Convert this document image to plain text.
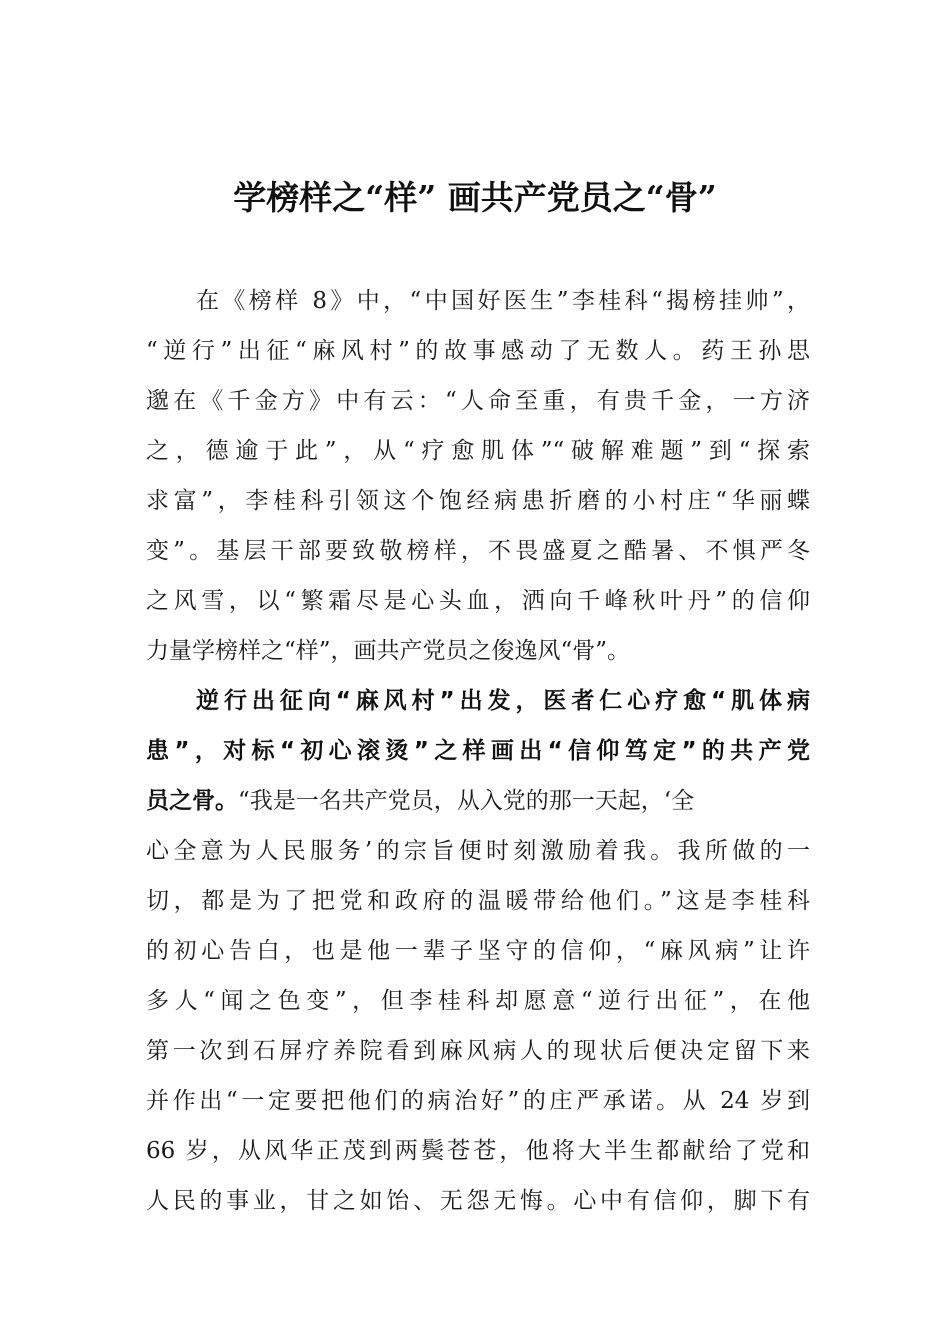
学榜样之“样” 画共产党员之“骨”
在《榜样 8》中，“中国好医生”李桂科“揭榜挂帅”，
“逆行”出征“麻风村”的故事感动了无数人。药王孙思
邈在《千金方》中有云：“人命至重，有贵千金，一方济
之，德逾于此”，从“疗愈肌体”“破解难题”到“探索
求富”，李桂科引领这个饱经病患折磨的小村庄“华丽蝶
变”。基层干部要致敬榜样，不畏盛夏之酷暑、不惧严冬
之风雪，以“繁霜尽是心头血，洒向千峰秋叶丹”的信仰
力量学榜样之“样”，画共产党员之俊逸风“骨”。
逆行出征向“麻风村”出发，医者仁心疗愈“肌体病
患”，对标“初心滚烫”之样画出“信仰笃定”的共产党
员之骨。“我是一名共产党员，从入党的那一天起，‘全
心全意为人民服务’的宗旨便时刻激励着我。我所做的一
切，都是为了把党和政府的温暖带给他们。”这是李桂科
的初心告白，也是他一辈子坚守的信仰，“麻风病”让许
多人“闻之色变”，但李桂科却愿意“逆行出征”，在他
第一次到石屏疗养院看到麻风病人的现状后便决定留下来
并作出“一定要把他们的病治好”的庄严承诺。从 24 岁到
66 岁，从风华正茂到两鬓苍苍，他将大半生都献给了党和
人民的事业，甘之如饴、无怨无悔。心中有信仰，脚下有
